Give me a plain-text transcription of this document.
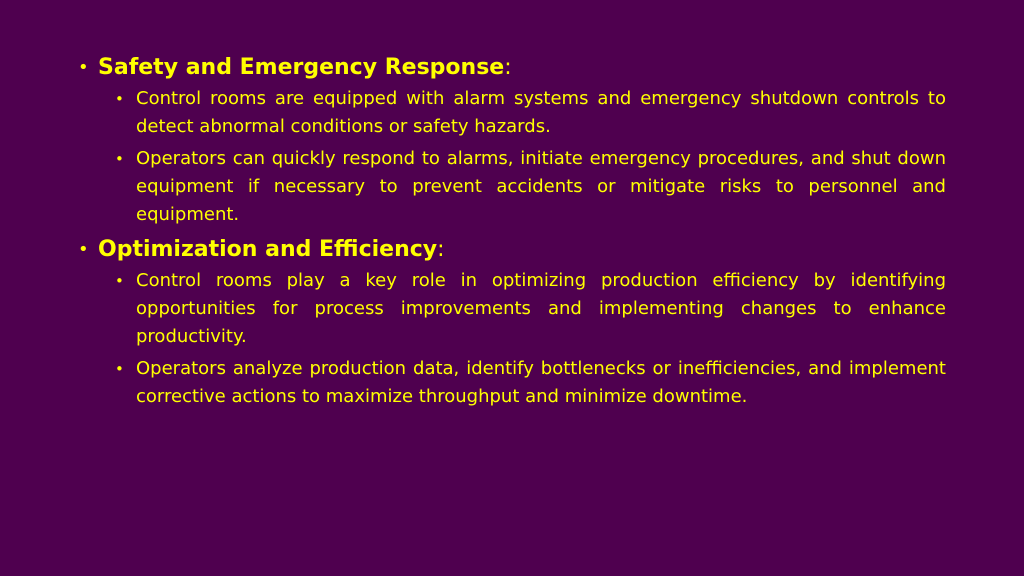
• Safety and Emergency Response:

• Control rooms are equipped with alarm systems and emergency shutdown controls to detect abnormal conditions or safety hazards.
• Operators can quickly respond to alarms, initiate emergency procedures, and shut down equipment if necessary to prevent accidents or mitigate risks to personnel and equipment.

• Optimization and Efficiency:

• Control rooms play a key role in optimizing production efficiency by identifying opportunities for process improvements and implementing changes to enhance productivity.
• Operators analyze production data, identify bottlenecks or inefficiencies, and implement corrective actions to maximize throughput and minimize downtime.
